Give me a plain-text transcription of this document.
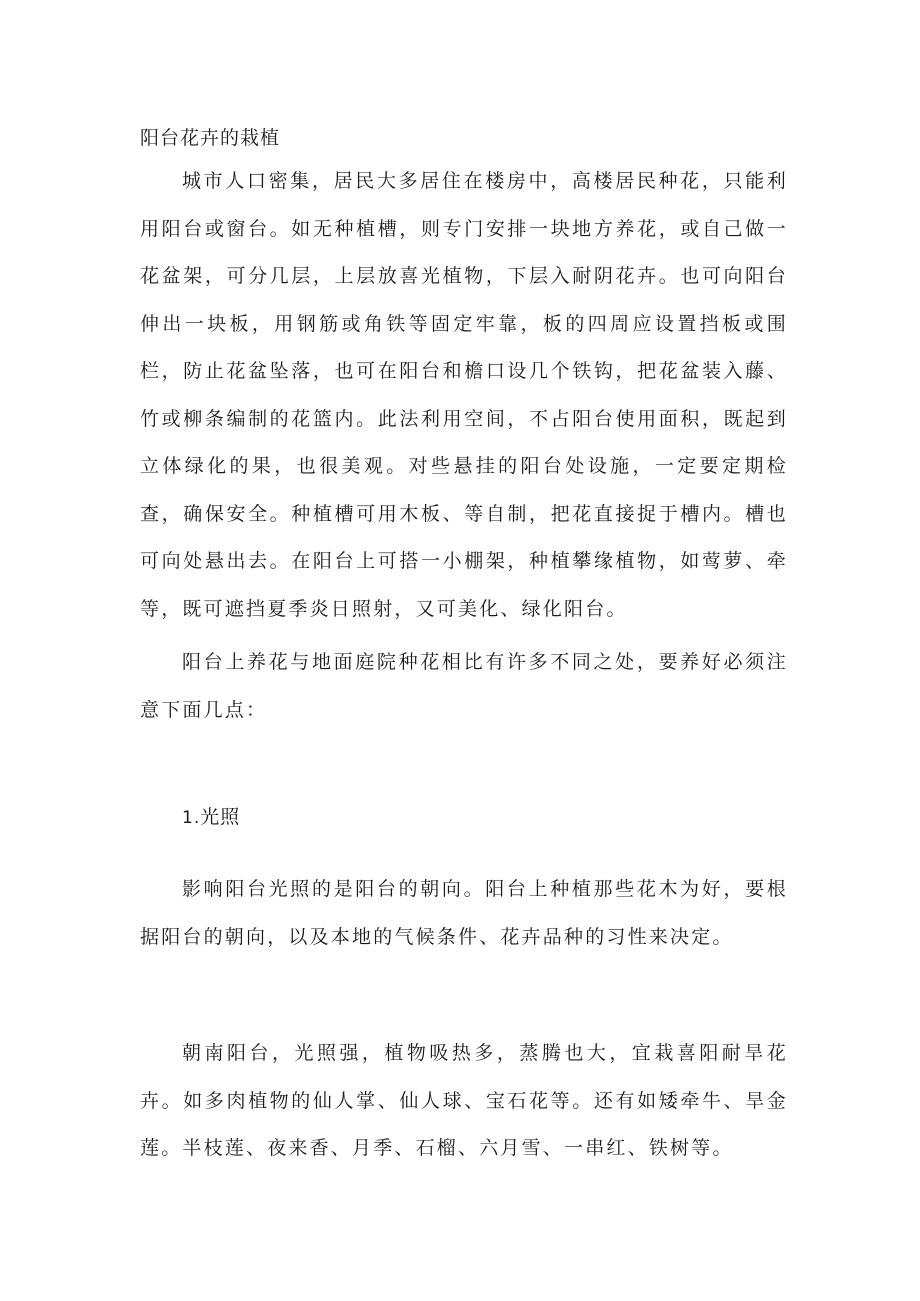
阳台花卉的栽植
城市人口密集，居民大多居住在楼房中，高楼居民种花，只能利用阳台或窗台。如无种植槽，则专门安排一块地方养花，或自己做一花盆架，可分几层，上层放喜光植物，下层入耐阴花卉。也可向阳台伸出一块板，用钢筋或角铁等固定牢靠，板的四周应设置挡板或围栏，防止花盆坠落，也可在阳台和檐口设几个铁钩，把花盆装入藤、竹或柳条编制的花篮内。此法利用空间，不占阳台使用面积，既起到立体绿化的果，也很美观。对些悬挂的阳台处设施，一定要定期检查，确保安全。种植槽可用木板、等自制，把花直接捉于槽内。槽也可向处悬出去。在阳台上可搭一小棚架，种植攀缘植物，如莺萝、牵等，既可遮挡夏季炎日照射，又可美化、绿化阳台。
阳台上养花与地面庭院种花相比有许多不同之处，要养好必须注意下面几点：
1.光照
影响阳台光照的是阳台的朝向。阳台上种植那些花木为好，要根据阳台的朝向，以及本地的气候条件、花卉品种的习性来决定。
朝南阳台，光照强，植物吸热多，蒸腾也大，宜栽喜阳耐旱花卉。如多肉植物的仙人掌、仙人球、宝石花等。还有如矮牵牛、旱金莲。半枝莲、夜来香、月季、石榴、六月雪、一串红、铁树等。
